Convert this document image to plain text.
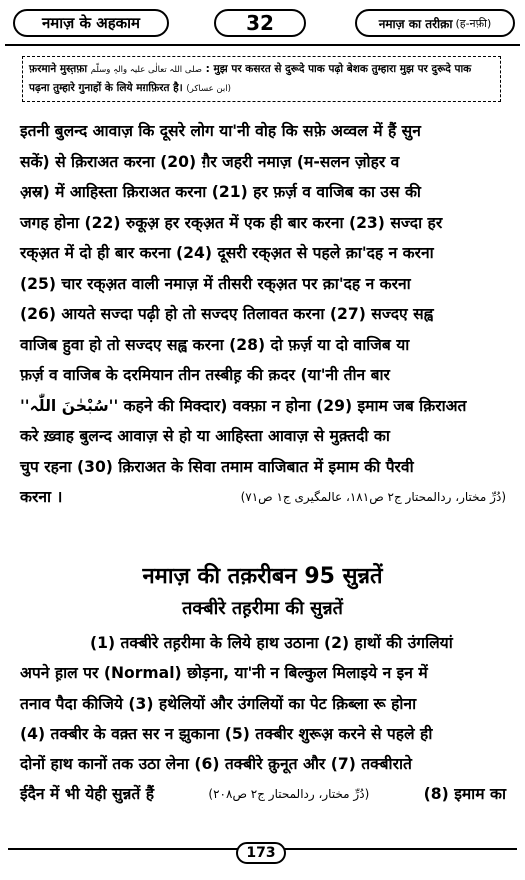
नमाज़ के अहकाम	32	नमाज़ का तरीक़ा (ह-नफ़ी)
फ़रमाने मुस्त़फ़ा صلی اللہ تعالٰی علیہ والہٖ وسلّم : मुझ पर कसरत से दुरूदे पाक पढ़ो बेशक तुम्हारा मुझ पर दुरूदे पाक
पढ़ना तुम्हारे गुनाहों के लिये मग़फ़िरत है। (ابن عساکر)
इतनी बुलन्द आवाज़ कि दूसरे लोग या'नी वोह कि सफ़े अव्वल में हैं सुन
सकें) से क़िराअत करना (20) ग़ैर जहरी नमाज़ (म-सलन ज़ोहर व
अ़स्र) में आहिस्ता क़िराअत करना (21) हर फ़र्ज़ व वाजिब का उस की
जगह होना (22) रुकूअ़ हर रक्अ़त में एक ही बार करना (23) सज्दा हर
रक्अ़त में दो ही बार करना (24) दूसरी रक्अ़त से पहले क़ा'दह न करना
(25) चार रक्अ़त वाली नमाज़ में तीसरी रक्अ़त पर क़ा'दह न करना
(26) आयते सज्दा पढ़ी हो तो सज्दए तिलावत करना (27) सज्दए सह्व
वाजिब हुवा हो तो सज्दए सह्व करना (28) दो फ़र्ज़ या दो वाजिब या
फ़र्ज़ व वाजिब के दरमियान तीन तस्बीह़ की क़दर (या'नी तीन बार
''سُبْحٰنَ اللّٰہ'' कहने की मिक्दार) वक्फ़ा न होना (29) इमाम जब क़िराअत
करे ख़्वाह बुलन्द आवाज़ से हो या आहिस्ता आवाज़ से मुक़्तदी का
चुप रहना (30) क़िराअत के सिवा तमाम वाजिबात में इमाम की पैरवी
करना ।	(دُرِّ مختار، ردالمحتار ج۲ ص۱۸۱، عالمگیری ج۱ ص۷۱)
नमाज़ की तक़रीबन 95 सुन्नतें
तक्बीरे तह़रीमा की सुन्नतें
(1) तक्बीरे तह़रीमा के लिये हाथ उठाना (2) हाथों की उंगलियां
अपने ह़ाल पर (Normal) छोड़ना, या'नी न बिल्कुल मिलाइये न इन में
तनाव पैदा कीजिये (3) हथेलियों और उंगलियों का पेट क़िब्ला रू होना
(4) तक्बीर के वक़्त सर न झुकाना (5) तक्बीर शुरूअ़ करने से पहले ही
दोनों हाथ कानों तक उठा लेना (6) तक्बीरे क़ुनूत और (7) तक्बीराते
ईदैन में भी येही सुन्नतें हैं	(دُرِّ مختار، ردالمحتار ج۲ ص۲۰۸)	(8) इमाम का
173
